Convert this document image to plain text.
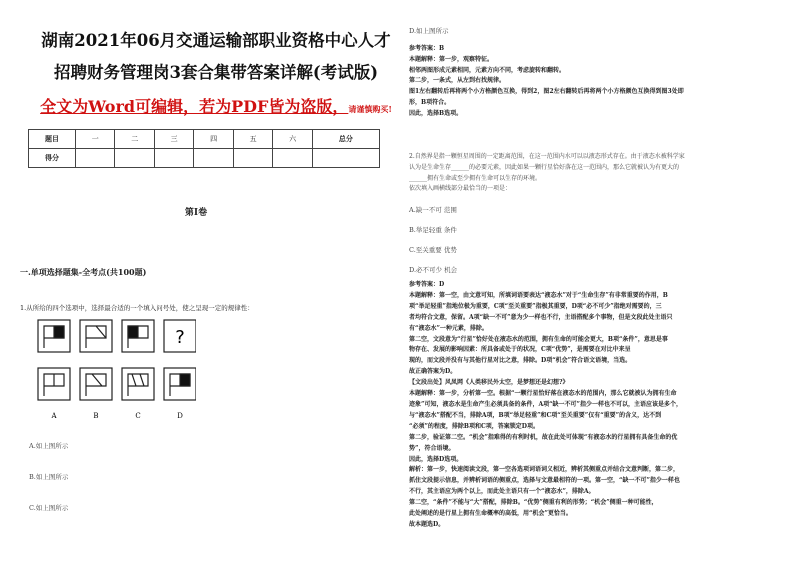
湖南2021年06月交通运输部职业资格中心人才
招聘财务管理岗3套合集带答案详解(考试版)
全文为Word可编辑，若为PDF皆为盗版，请谨慎购买!
题目	一	二	三	四	五	六	总分
得分							
第I卷
一.单项选择题集-全考点(共100题)
1.从所给的四个选项中，选择最合适的一个填入问号处，使之呈现一定的规律性：
?
A	B	C	D
A.如上图所示
B.如上图所示
C.如上图所示
D.如上图所示

参考答案：B

本题解释：第一步，观察特征。

相邻两图形成元素相同，元素方向不同，考虑旋转和翻转。

第二步，一条式，从左到右找规律。

图1左右翻转后再将两个小方格颜色互换，得到2，图2左右翻转后再将两个小方格颜色互换得到图3处即

形，B项符合。

因此，选择B选项。

2.自然界是指一颗恒星周围的一定距离范围，在这一范围内水可以以液态形式存在。由于液态水被科学家

认为是生命生存______的必要元素，因此如果一颗行星恰好落在这一范围内，那么它就被认为有更大的

______拥有生命或至少拥有生命可以生存的环境。

依次填入画横线部分最恰当的一项是：

A.缺一不可 范围
B.举足轻重 条件
C.至关重要 优势
D.必不可少 机会

参考答案：D

本题解释：第一空，由文意可知，所填词语要表达“液态水”对于“生命生存”有非常重要的作用，B

项“举足轻重”指地位极为重要，C项“至关重要”指极其重要，D项“必不可少”指绝对需要的，三

者均符合文意，保留。A项“缺一不可”意为少一样也不行，主语搭配多个事物，但是文段此处主语只

有“液态水”一种元素，排除。

第二空，文段意为“行星”恰好处在液态水的范围，拥有生命的可能会更大，B项“条件”，意思是事

物存在、发展的影响因素：所具备或处于的状况，C项“优势”，是需要在对比中来呈

现的，而文段并没有与其他行星对比之意，排除。D项“机会”符合语文语境，当选。

故正确答案为D。

【文段出处】风凤网《人类移民外太空，是梦想还是幻想?》

本题解释：第一步，分析第一空。根据“一颗行星恰好落在液态水的范围内，那么它就被认为拥有生命

迹象”可知，液态水是生命产生必须具备的条件，A项“缺一不可”指少一样也不可以，主语应该是多个，

与“液态水”搭配不当，排除A项，B项“举足轻重”和C项“至关重要”仅有“重要”的含义，达不到

“必须”的程度，排除B项和C项，答案锁定D项。

第二步，验证第二空。“机会”指难得的有利时机，故在此处可体现“有液态水的行星拥有具备生命的优

势”，符合语境。

因此，选择D选项。

解析：第一步，快速阅读文段，第一空各选项词语词义相近，辨析其侧重点并结合文意判断，第二步，

抓住文段提示信息，并辨析词语的侧重点，选择与文意最相符的一项。第一空，“缺一不可”指少一样也

不行，其主语应为两个以上，而此处主语只有一个“液态水”，排除A。

第二空，“条件”不能与“大”搭配，排除B。“优势”侧重有利的形势；“机会”侧重一种可能性，

此处阐述的是行星上拥有生命概率的高低，用“机会”更恰当。

故本题选D。
